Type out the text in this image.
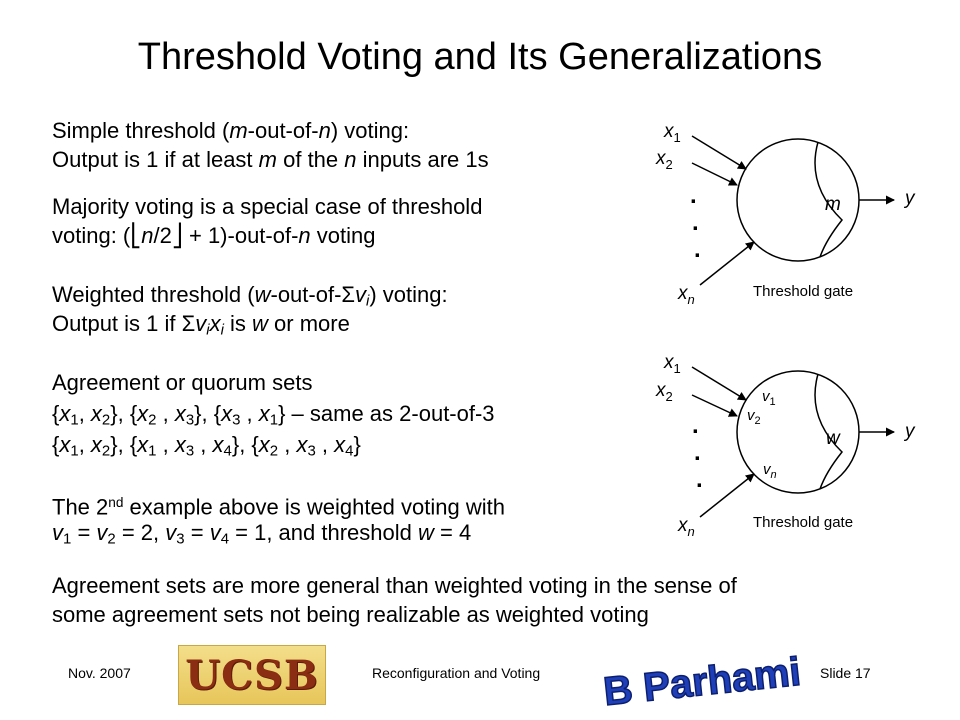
Threshold Voting and Its Generalizations
Simple threshold (m-out-of-n) voting:
Output is 1 if at least m of the n inputs are 1s
Majority voting is a special case of threshold
voting: (⎣n/2⎦ + 1)-out-of-n voting
Weighted threshold $(w-out-of-\Sigma v_i)$ voting:
Output is 1 if $\Sigma v_ix_i$ is w or more
Agreement or quorum sets
{$x_1$, $x_2$}, {$x_2$ , $x_3$}, {$x_3$ , $x_1$} – same as 2-out-of-3
{$x_1$, $x_2$}, {$x_1$ , $x_3$ , $x_4$}, {$x_2$ , $x_3$ , $x_4$}
The 2nd example above is weighted voting with
$v_1 = v_2 = 2$, $v_3 = v_4 = 1$, and threshold w = 4
Agreement sets are more general than weighted voting in the sense of
some agreement sets not being realizable as weighted voting
$x_1$
$x_2$
.
.
.
$x_n$
m	y
Threshold gate
$x_1$
$x_2$
.
.
.
$x_n$
$v_1$
$v_2$
$v_n$
w	y
Threshold gate
Nov. 2007 UCSB	Reconfiguration and Voting B Parhami Slide 17
